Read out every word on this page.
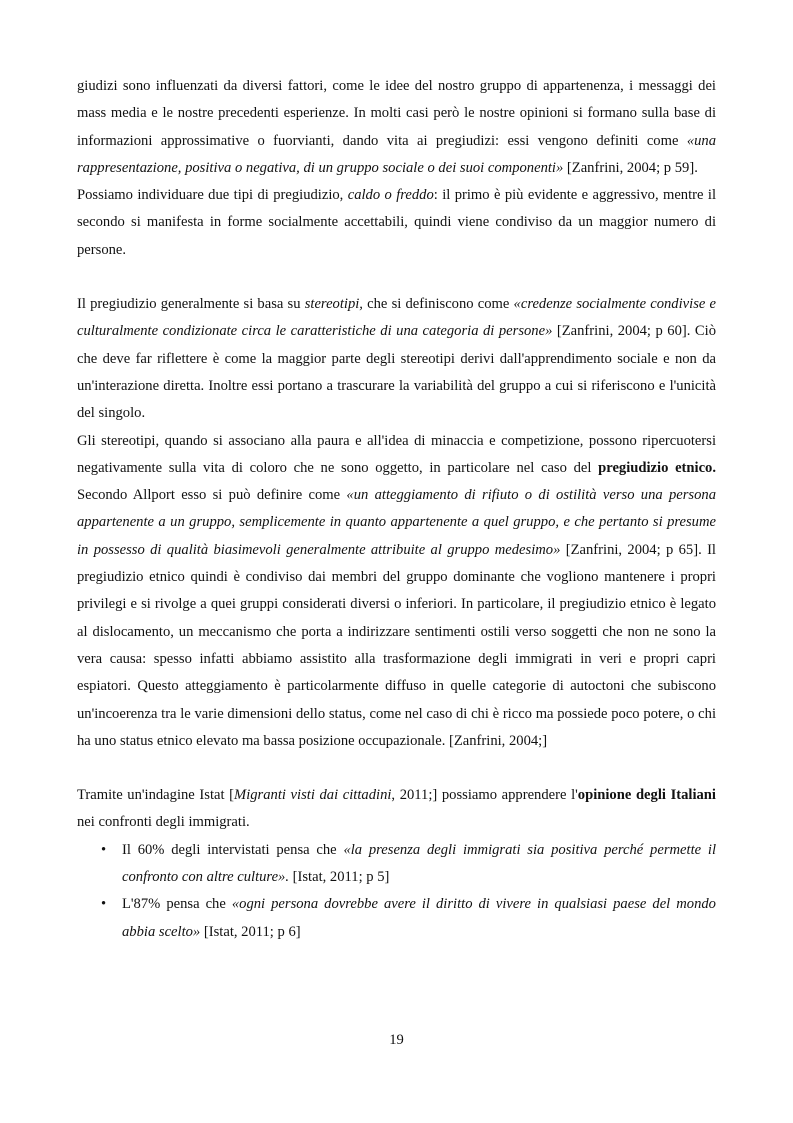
giudizi sono influenzati da diversi fattori, come le idee del nostro gruppo di appartenenza, i messaggi dei mass media e le nostre precedenti esperienze. In molti casi però le nostre opinioni si formano sulla base di informazioni approssimative o fuorvianti, dando vita ai pregiudizi: essi vengono definiti come «una rappresentazione, positiva o negativa, di un gruppo sociale o dei suoi componenti» [Zanfrini, 2004; p 59].

Possiamo individuare due tipi di pregiudizio, caldo o freddo: il primo è più evidente e aggressivo, mentre il secondo si manifesta in forme socialmente accettabili, quindi viene condiviso da un maggior numero di persone.

Il pregiudizio generalmente si basa su stereotipi, che si definiscono come «credenze socialmente condivise e culturalmente condizionate circa le caratteristiche di una categoria di persone» [Zanfrini, 2004; p 60]. Ciò che deve far riflettere è come la maggior parte degli stereotipi derivi dall'apprendimento sociale e non da un'interazione diretta. Inoltre essi portano a trascurare la variabilità del gruppo a cui si riferiscono e l'unicità del singolo.

Gli stereotipi, quando si associano alla paura e all'idea di minaccia e competizione, possono ripercuotersi negativamente sulla vita di coloro che ne sono oggetto, in particolare nel caso del pregiudizio etnico. Secondo Allport esso si può definire come «un atteggiamento di rifiuto o di ostilità verso una persona appartenente a un gruppo, semplicemente in quanto appartenente a quel gruppo, e che pertanto si presume in possesso di qualità biasimevoli generalmente attribuite al gruppo medesimo» [Zanfrini, 2004; p 65]. Il pregiudizio etnico quindi è condiviso dai membri del gruppo dominante che vogliono mantenere i propri privilegi e si rivolge a quei gruppi considerati diversi o inferiori. In particolare, il pregiudizio etnico è legato al dislocamento, un meccanismo che porta a indirizzare sentimenti ostili verso soggetti che non ne sono la vera causa: spesso infatti abbiamo assistito alla trasformazione degli immigrati in veri e propri capri espiatori. Questo atteggiamento è particolarmente diffuso in quelle categorie di autoctoni che subiscono un'incoerenza tra le varie dimensioni dello status, come nel caso di chi è ricco ma possiede poco potere, o chi ha uno status etnico elevato ma bassa posizione occupazionale. [Zanfrini, 2004;]

Tramite un'indagine Istat [Migranti visti dai cittadini, 2011;] possiamo apprendere l'opinione degli Italiani nei confronti degli immigrati.

• Il 60% degli intervistati pensa che «la presenza degli immigrati sia positiva perché permette il confronto con altre culture». [Istat, 2011; p 5]
• L'87% pensa che «ogni persona dovrebbe avere il diritto di vivere in qualsiasi paese del mondo abbia scelto» [Istat, 2011; p 6]
19
